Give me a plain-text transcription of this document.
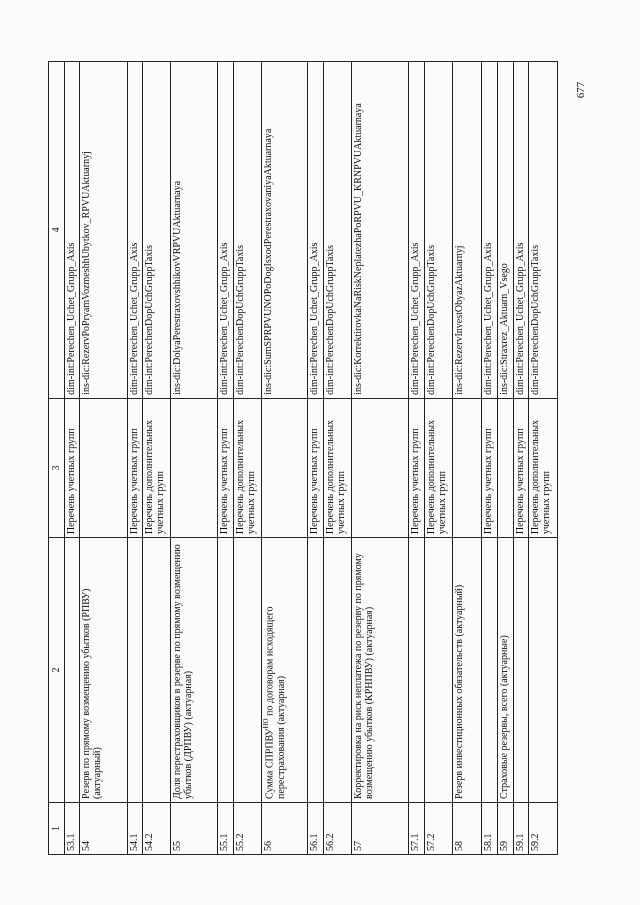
677
1	2	3	4
53.1		Перечень учетных групп	dim-int:Perechen_Uchet_Grupp_Axis
54	Резерв по прямому возмещению убытков (РПВУ) (актуарный)		ins-dic:RezervPoPryamVozmeshhUbytkov_RPVUAktuarnyj
54.1		Перечень учетных групп	dim-int:Perechen_Uchet_Grupp_Axis
54.2		Перечень дополнительных учетных групп	dim-int:PerechenDopUchGruppTaxis
55	Доля перестраховщиков в резерве по прямому возмещению убытков (ДРПВУ) (актуарная)		ins-dic:DolyaPerestraxovshhikovVRPVUAktuarnaya
55.1		Перечень учетных групп	dim-int:Perechen_Uchet_Grupp_Axis
55.2		Перечень дополнительных учетных групп	dim-int:PerechenDopUchGruppTaxis
56	Сумма $СПРПВУ^{НО}$ по договорам исходящего перестрахования (актуарная)		ins-dic:SumSPRPVUNOPoDogIsxodPerestraxovaniyaAktuarnaya
56.1		Перечень учетных групп	dim-int:Perechen_Uchet_Grupp_Axis
56.2		Перечень дополнительных учетных групп	dim-int:PerechenDopUchGruppTaxis
57	Корректировка на риск неплатежа по резерву по прямому возмещению убытков (КРНПВУ) (актуарная)		ins-dic:KorrektirovkaNaRiskNeplatezhaPoRPVU_KRNPVUAktuarnaya
57.1		Перечень учетных групп	dim-int:Perechen_Uchet_Grupp_Axis
57.2		Перечень дополнительных учетных групп	dim-int:PerechenDopUchGruppTaxis
58	Резерв инвестиционных обязательств (актуарный)		ins-dic:RezervInvestObyazAktuarnyj
58.1		Перечень учетных групп	dim-int:Perechen_Uchet_Grupp_Axis
59	Страховые резервы, всего (актуарные)		ins-dic:Straxrez_Aktuarn_Vsego
59.1		Перечень учетных групп	dim-int:Perechen_Uchet_Grupp_Axis
59.2		Перечень дополнительных учетных групп	dim-int:PerechenDopUchGruppTaxis
